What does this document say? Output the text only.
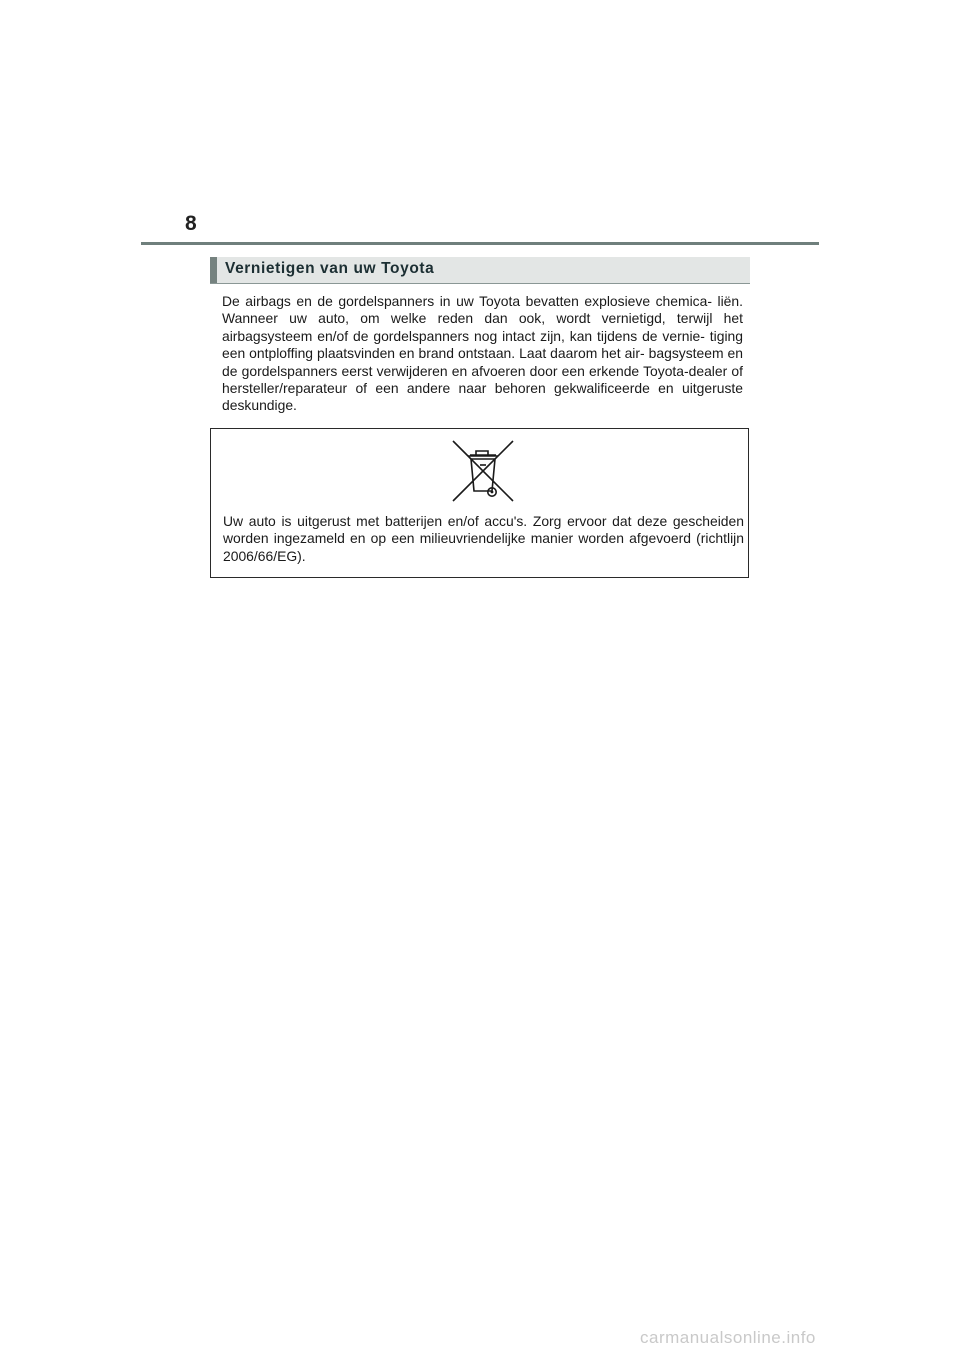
8
Vernietigen van uw Toyota
De airbags en de gordelspanners in uw Toyota bevatten explosieve chemica- liën. Wanneer uw auto, om welke reden dan ook, wordt vernietigd, terwijl het airbagsysteem en/of de gordelspanners nog intact zijn, kan tijdens de vernie- tiging een ontploffing plaatsvinden en brand ontstaan. Laat daarom het air- bagsysteem en de gordelspanners eerst verwijderen en afvoeren door een erkende Toyota-dealer of hersteller/reparateur of een andere naar behoren gekwalificeerde en uitgeruste deskundige.
Uw auto is uitgerust met batterijen en/of accu's. Zorg ervoor dat deze gescheiden worden ingezameld en op een milieuvriendelijke manier worden afgevoerd (richtlijn 2006/66/EG).
carmanualsonline.info
